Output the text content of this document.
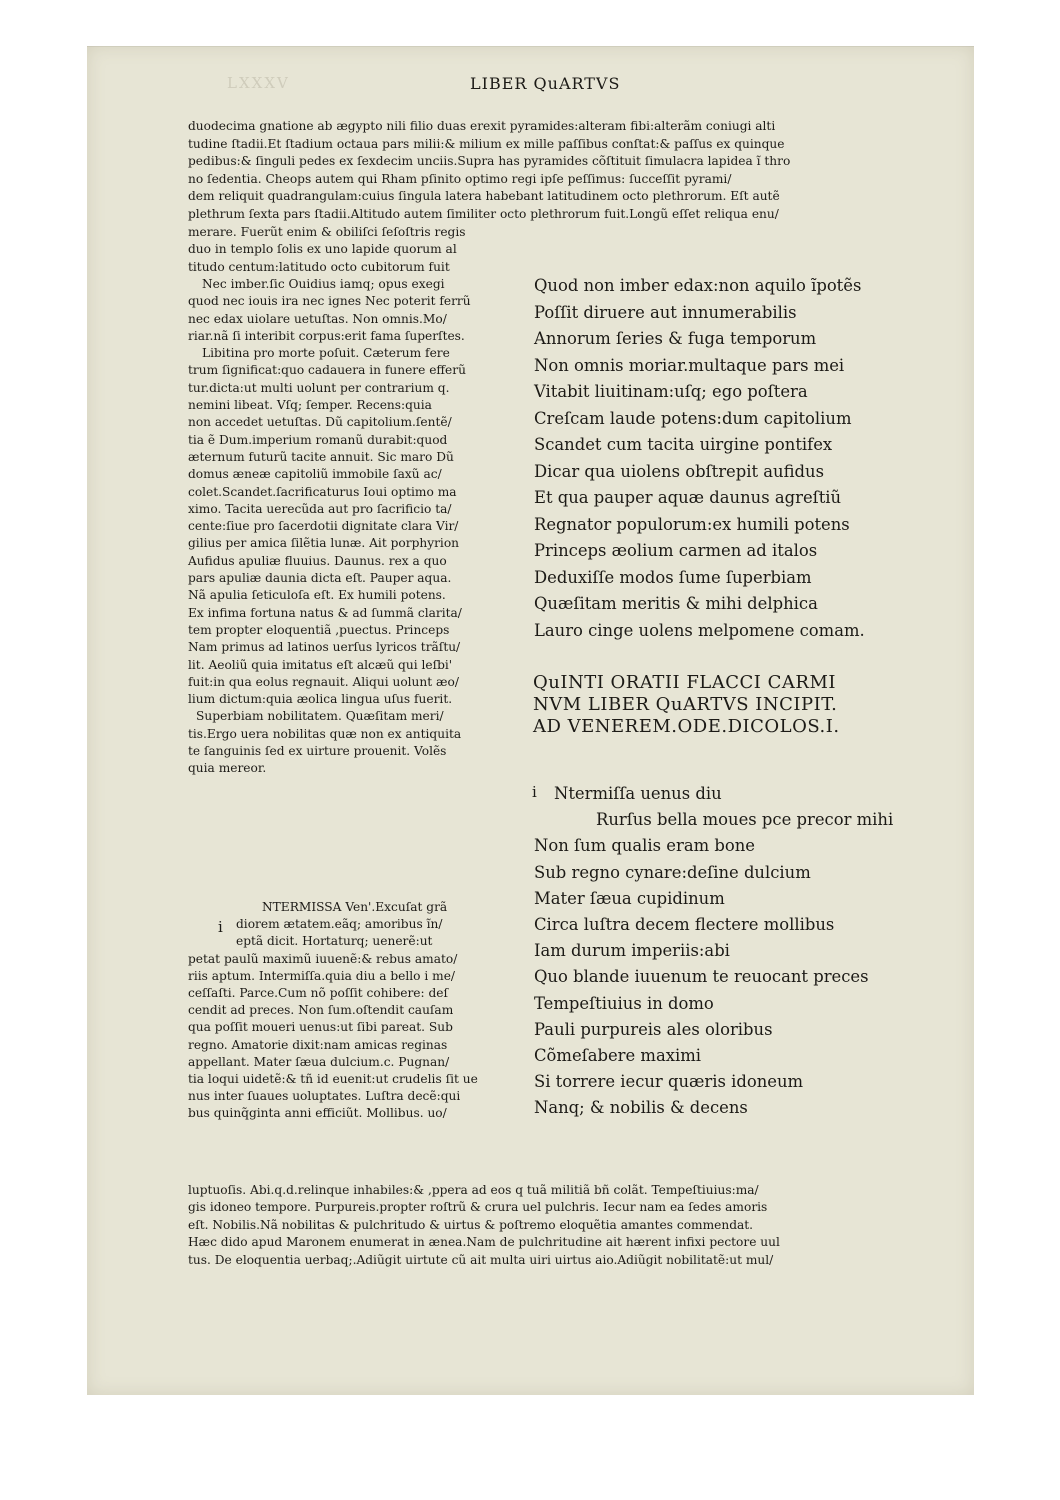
LXXXV	LIBER QuARTVS
duodecima gnatione ab ægypto nili filio duas erexit pyramides:alteram fibi:alterãm coniugi alti
tudine ſtadii.Et ſtadium octaua pars milii:& milium ex mille paſſibus conſtat:& paſſus ex quinque
pedibus:& ſinguli pedes ex ſexdecim unciis.Supra has pyramides cõſtituit ſimulacra lapidea ĩ thro
no ſedentia. Cheops autem qui Rham pſinito optimo regi ipſe peſſimus: ſucceſſit pyrami/
dem reliquit quadrangulam:cuius ſingula latera habebant latitudinem octo plethrorum. Eſt autẽ
plethrum ſexta pars ſtadii.Altitudo autem ſimiliter octo plethrorum fuit.Longũ eſſet reliqua enu/
merare. Fuerũt enim & obiliſci ſeſoſtris regis
duo in templo ſolis ex uno lapide quorum al
titudo centum:latitudo octo cubitorum fuit
Nec imber.ſic Ouidius iamq; opus exegi
quod nec iouis ira nec ignes Nec poterit ferrũ
nec edax uiolare uetuſtas. Non omnis.Mo/
riar.nã ſi interibit corpus:erit fama ſuperſtes.
Libitina pro morte poſuit. Cæterum fere
trum ſignificat:quo cadauera in funere efferũ
tur.dicta:ut multi uolunt per contrarium q.
nemini libeat. Vſq; ſemper. Recens:quia
non accedet uetuſtas. Dũ capitolium.ſentẽ/
tia ẽ Dum.imperium romanũ durabit:quod
æternum futurũ tacite annuit. Sic maro Dũ
domus æneæ capitoliũ immobile ſaxũ ac/
colet.Scandet.ſacrificaturus Ioui optimo ma
ximo. Tacita uerecũda aut pro ſacrificio ta/
cente:ſiue pro ſacerdotii dignitate clara Vir/
gilius per amica ſilẽtia lunæ. Ait porphyrion
Aufidus apuliæ fluuius. Daunus. rex a quo
pars apuliæ daunia dicta eſt. Pauper aqua.
Nã apulia ſeticuloſa eſt. Ex humili potens.
Ex infima fortuna natus & ad ſummã clarita/
tem propter eloquentiã ,puectus. Princeps
Nam primus ad latinos uerſus lyricos trãſtu/
lit. Aeoliũ quia imitatus eſt alcæũ qui leſbi'
fuit:in qua eolus regnauit. Aliqui uolunt æo/
lium dictum:quia æolica lingua uſus fuerit.
Superbiam nobilitatem. Quæſitam meri/
tis.Ergo uera nobilitas quæ non ex antiquita
te ſanguinis ſed ex uirture prouenit. Volẽs
quia mereor.
Quod non imber edax:non aquilo ĩpotẽs
Poſſit diruere aut innumerabilis
Annorum ſeries & fuga temporum
Non omnis moriar.multaque pars mei
Vitabit liuitinam:uſq; ego poſtera
Creſcam laude potens:dum capitolium
Scandet cum tacita uirgine pontifex
Dicar qua uiolens obſtrepit aufidus
Et qua pauper aquæ daunus agreſtiũ
Regnator populorum:ex humili potens
Princeps æolium carmen ad italos
Deduxiſſe modos ſume ſuperbiam
Quæſitam meritis & mihi delphica
Lauro cinge uolens melpomene comam.
QuINTI ORATII FLACCI CARMI
NVM LIBER QuARTVS INCIPIT.
AD VENEREM.ODE.DICOLOS.I.
i Ntermiſſa uenus diu
Rurſus bella moues pce precor mihi
Non ſum qualis eram bone
Sub regno cynare:deſine dulcium
Mater ſæua cupidinum
Circa luſtra decem flectere mollibus
Iam durum imperiis:abi
Quo blande iuuenum te reuocant preces
Tempeſtiuius in domo
Pauli purpureis ales oloribus
Cõmeſabere maximi
Si torrere iecur quæris idoneum
Nanq; & nobilis & decens
i
NTERMISSA Ven'.Excuſat grã
diorem ætatem.eãq; amoribus ĩn/
eptã dicit. Hortaturq; uenerẽ:ut
petat paulũ maximũ iuuenẽ:& rebus amato/
riis aptum. Intermiſſa.quia diu a bello i me/
ceſſaſti. Parce.Cum nõ poſſit cohibere: deſ
cendit ad preces. Non ſum.oſtendit cauſam
qua poſſit moueri uenus:ut ſibi pareat. Sub
regno. Amatorie dixit:nam amicas reginas
appellant. Mater ſæua dulcium.c. Pugnan/
tia loqui uidetẽ:& tñ id euenit:ut crudelis ſit ue
nus inter ſuaues uoluptates. Luſtra decẽ:qui
bus quinq̃ginta anni efficiũt. Mollibus. uo/
luptuoſis. Abi.q.d.relinque inhabiles:& ,ppera ad eos q tuã militiã bñ colãt. Tempeſtiuius:ma/
gis idoneo tempore. Purpureis.propter roſtrũ & crura uel pulchris. Iecur nam ea ſedes amoris
eſt. Nobilis.Nã nobilitas & pulchritudo & uirtus & poſtremo eloquẽtia amantes commendat.
Hæc dido apud Maronem enumerat in ænea.Nam de pulchritudine ait hærent infixi pectore uul
tus. De eloquentia uerbaq;.Adiũgit uirtute cũ ait multa uiri uirtus aio.Adiũgit nobilitatẽ:ut mul/
